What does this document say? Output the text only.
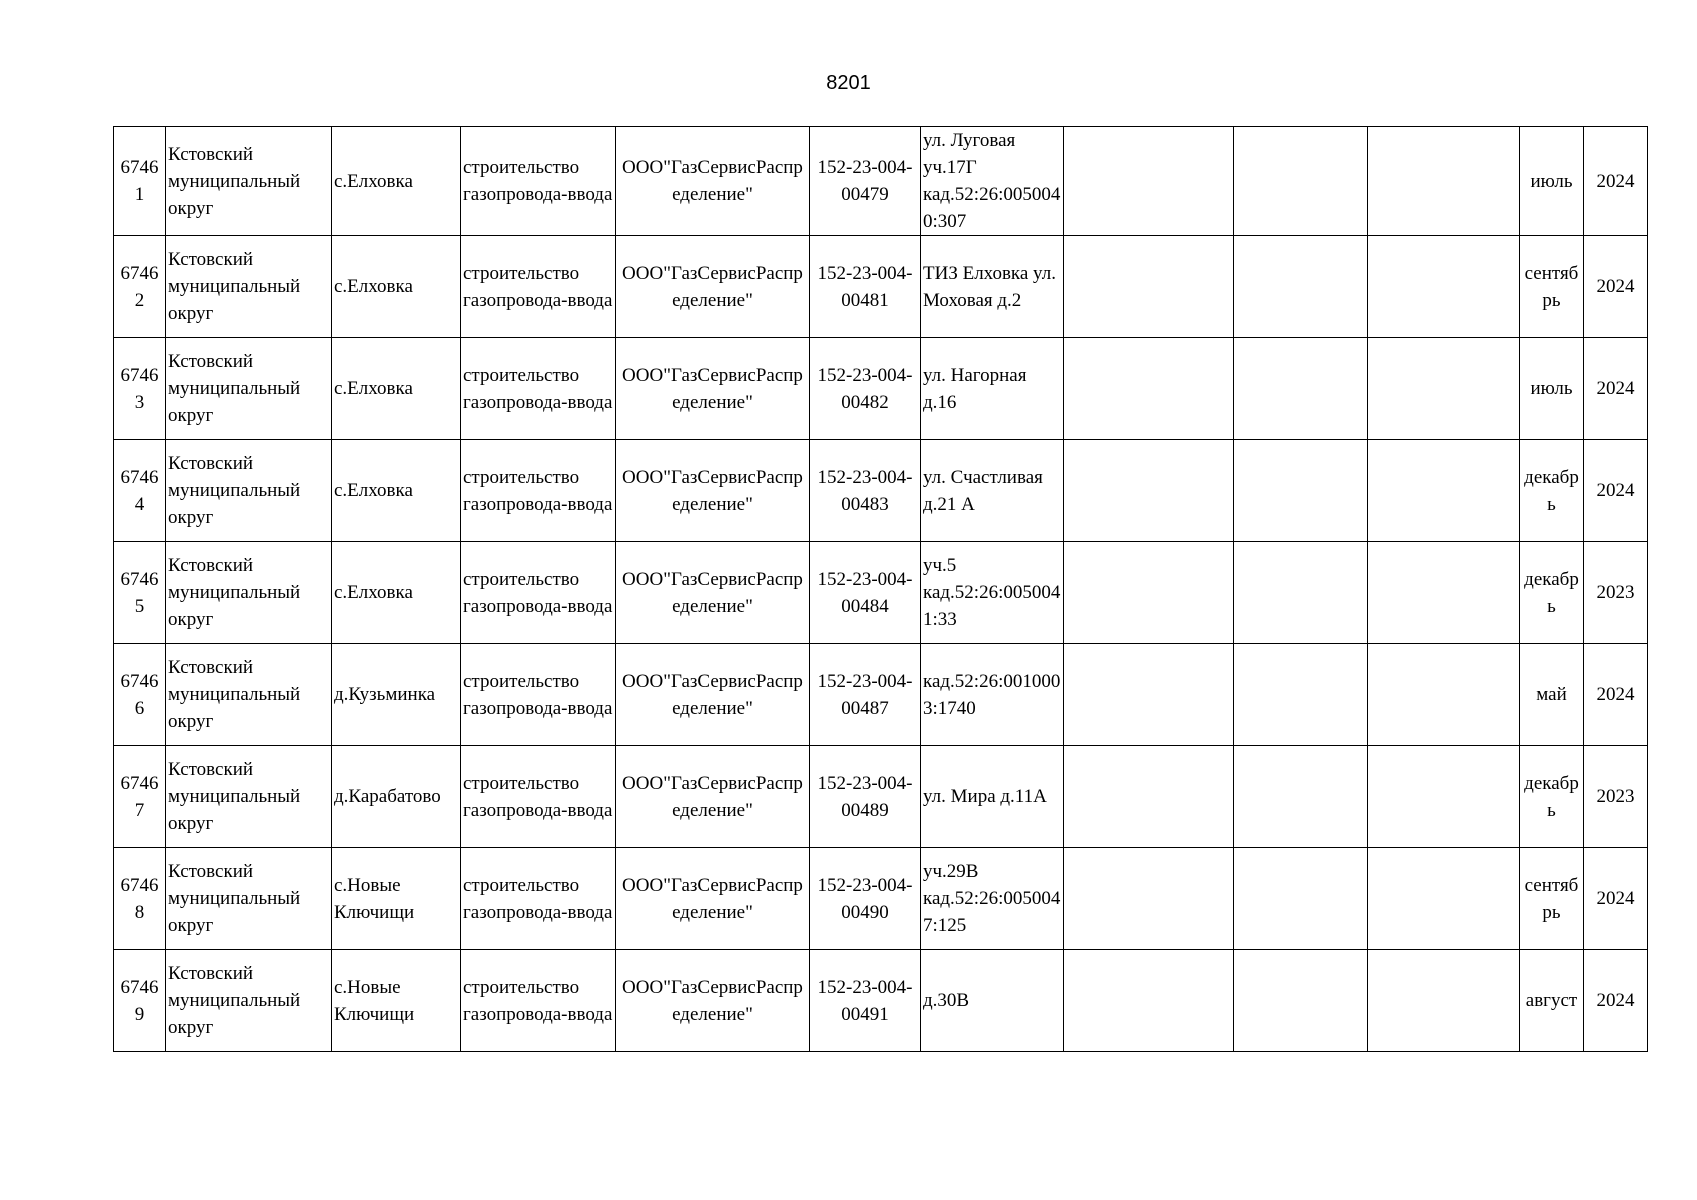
8201
67461	Кстовский муниципальный округ	с.Елховка	строительство газопровода-ввода	ООО"ГазСервисРаспределение"	152-23-004-00479	ул. Луговая уч.17Г кад.52:26:0050040:307				июль	2024

67462	Кстовский муниципальный округ	с.Елховка	строительство газопровода-ввода	ООО"ГазСервисРаспределение"	152-23-004-00481	ТИЗ Елховка ул. Моховая д.2				сентябрь	2024

67463	Кстовский муниципальный округ	с.Елховка	строительство газопровода-ввода	ООО"ГазСервисРаспределение"	152-23-004-00482	ул. Нагорная д.16				июль	2024

67464	Кстовский муниципальный округ	с.Елховка	строительство газопровода-ввода	ООО"ГазСервисРаспределение"	152-23-004-00483	ул. Счастливая д.21 А				декабрь	2024

67465	Кстовский муниципальный округ	с.Елховка	строительство газопровода-ввода	ООО"ГазСервисРаспределение"	152-23-004-00484	уч.5 кад.52:26:0050041:33				декабрь	2023

67466	Кстовский муниципальный округ	д.Кузьминка	строительство газопровода-ввода	ООО"ГазСервисРаспределение"	152-23-004-00487	кад.52:26:0010003:1740				май	2024

67467	Кстовский муниципальный округ	д.Карабатово	строительство газопровода-ввода	ООО"ГазСервисРаспределение"	152-23-004-00489	ул. Мира д.11А				декабрь	2023

67468	Кстовский муниципальный округ	с.Новые Ключищи	строительство газопровода-ввода	ООО"ГазСервисРаспределение"	152-23-004-00490	уч.29В кад.52:26:0050047:125				сентябрь	2024

67469	Кстовский муниципальный округ	с.Новые Ключищи	строительство газопровода-ввода	ООО"ГазСервисРаспределение"	152-23-004-00491	д.30В				август	2024
